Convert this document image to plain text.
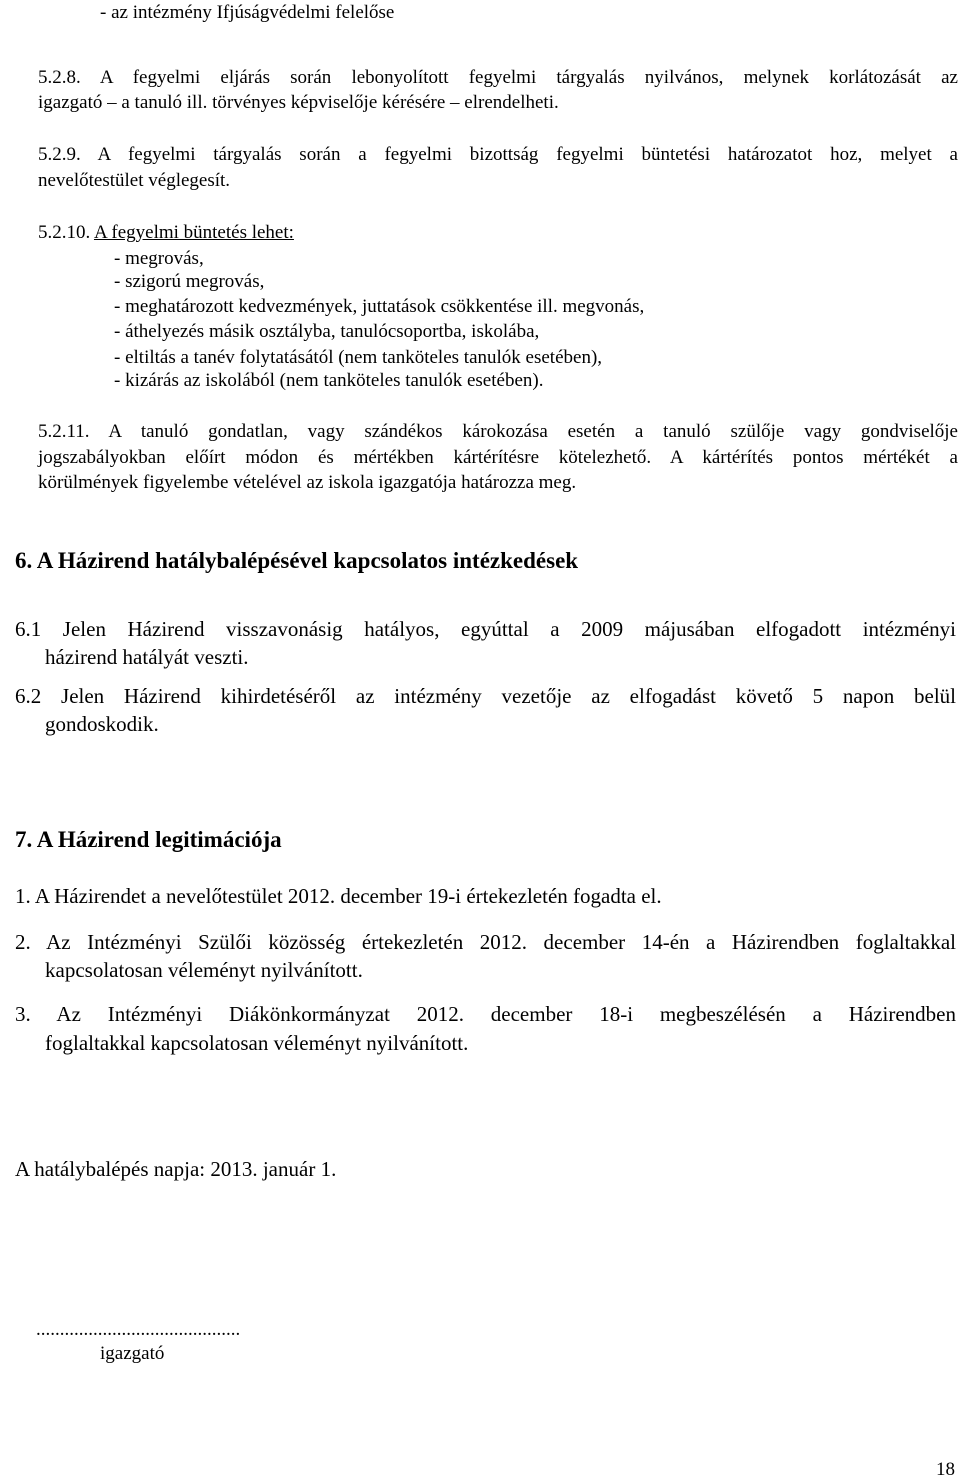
- az intézmény Ifjúságvédelmi felelőse
5.2.8. A fegyelmi eljárás során lebonyolított fegyelmi tárgyalás nyilvános, melynek korlátozását az
igazgató – a tanuló ill. törvényes képviselője kérésére – elrendelheti.
5.2.9. A fegyelmi tárgyalás során a fegyelmi bizottság fegyelmi büntetési határozatot hoz, melyet a
nevelőtestület véglegesít.
5.2.10. A fegyelmi büntetés lehet:
- megrovás,
- szigorú megrovás,
- meghatározott kedvezmények, juttatások csökkentése ill. megvonás,
- áthelyezés másik osztályba, tanulócsoportba, iskolába,
- eltiltás a tanév folytatásától (nem tanköteles tanulók esetében),
- kizárás az iskolából (nem tanköteles tanulók esetében).
5.2.11. A tanuló gondatlan, vagy szándékos károkozása esetén a tanuló szülője vagy gondviselője
jogszabályokban előírt módon és mértékben kártérítésre kötelezhető. A kártérítés pontos mértékét a
körülmények figyelembe vételével az iskola igazgatója határozza meg.
6. A Házirend hatálybalépésével kapcsolatos intézkedések
6.1 Jelen Házirend visszavonásig hatályos, egyúttal a 2009 májusában elfogadott intézményi
házirend hatályát veszti.
6.2 Jelen Házirend kihirdetéséről az intézmény vezetője az elfogadást követő 5 napon belül
gondoskodik.
7. A Házirend legitimációja
1. A Házirendet a nevelőtestület 2012. december 19-i értekezletén fogadta el.
2. Az Intézményi Szülői közösség értekezletén 2012. december 14-én a Házirendben foglaltakkal
kapcsolatosan véleményt nyilvánított.
3. Az Intézményi Diákönkormányzat 2012. december 18-i megbeszélésén a Házirendben
foglaltakkal kapcsolatosan véleményt nyilvánított.
A hatálybalépés napja: 2013. január 1.
...........................................
igazgató
18
